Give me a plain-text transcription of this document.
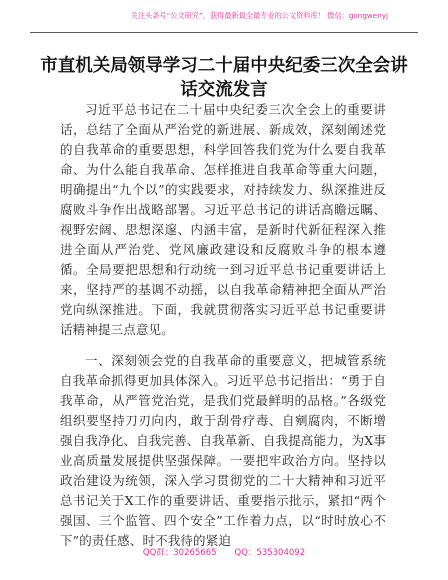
关注头条号“公文研究”，获得最新最全最专业的公文资料库！ 微信：gongwenyj
市直机关局领导学习二十届中央纪委三次全会讲话交流发言

习近平总书记在二十届中央纪委三次全会上的重要讲话，总结了全面从严治党的新进展、新成效，深刻阐述党的自我革命的重要思想，科学回答我们党为什么要自我革命、为什么能自我革命、怎样推进自我革命等重大问题，明确提出“九个以”的实践要求，对持续发力、纵深推进反腐败斗争作出战略部署。习近平总书记的讲话高瞻远瞩、视野宏阔、思想深邃、内涵丰富，是新时代新征程深入推进全面从严治党、党风廉政建设和反腐败斗争的根本遵循。全局要把思想和行动统一到习近平总书记重要讲话上来，坚持严的基调不动摇，以自我革命精神把全面从严治党向纵深推进。下面，我就贯彻落实习近平总书记重要讲话精神提三点意见。

一、深刻领会党的自我革命的重要意义，把城管系统自我革命抓得更加具体深入。习近平总书记指出：“勇于自我革命，从严管党治党，是我们党最鲜明的品格。”各级党组织要坚持刀刃向内，敢于刮骨疗毒、自剜腐肉，不断增强自我净化、自我完善、自我革新、自我提高能力，为X事业高质量发展提供坚强保障。一要把牢政治方向。坚持以政治建设为统领，深入学习贯彻党的二十大精神和习近平总书记关于X工作的重要讲话、重要指示批示，紧扣“两个强国、三个监管、四个安全”工作着力点，以“时时放心不下”的责任感、时不我待的紧迫

QQ群：30265665 QQ：535304092
